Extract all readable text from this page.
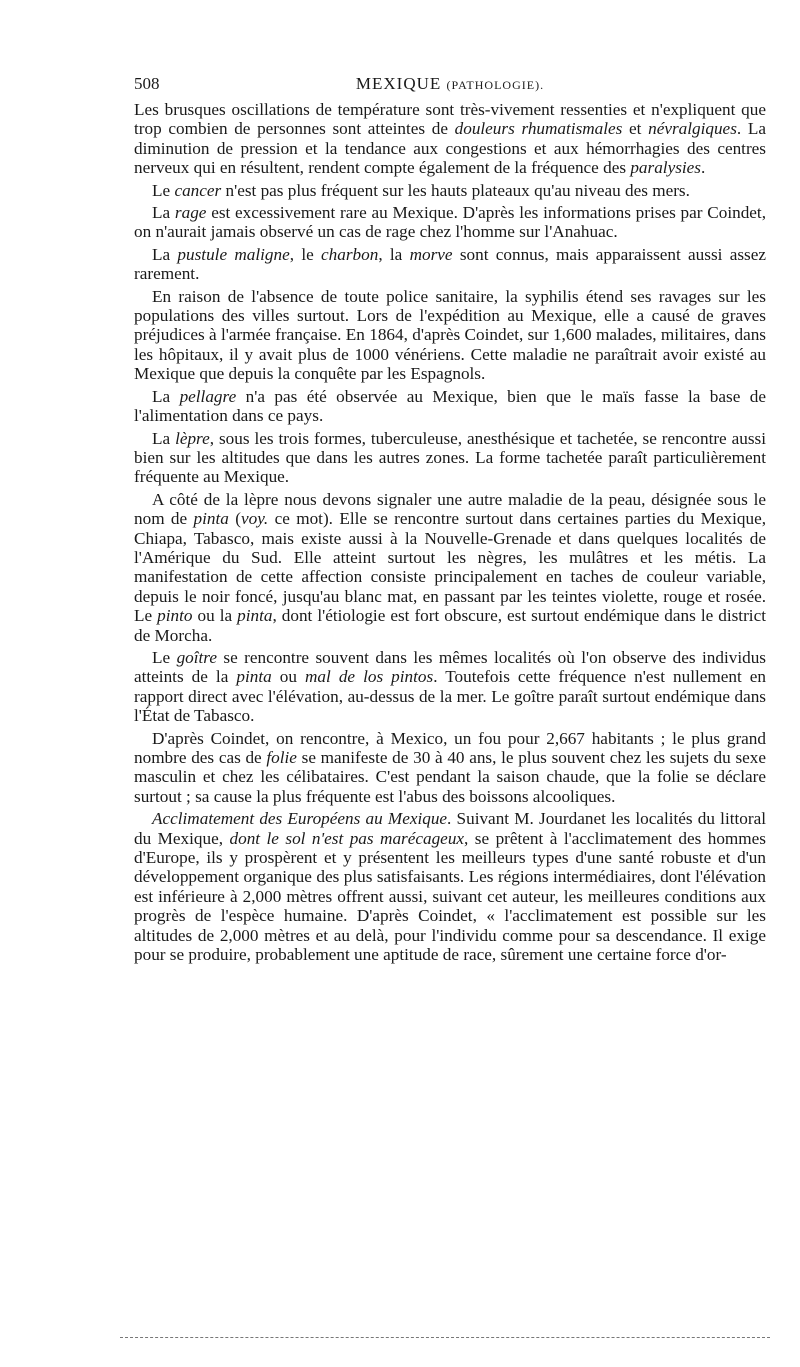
508	MEXIQUE (PATHOLOGIE).

Les brusques oscillations de température sont très-vivement ressenties et n'expliquent que trop combien de personnes sont atteintes de douleurs rhumatismales et névralgiques. La diminution de pression et la tendance aux congestions et aux hémorrhagies des centres nerveux qui en résultent, rendent compte également de la fréquence des paralysies.

Le cancer n'est pas plus fréquent sur les hauts plateaux qu'au niveau des mers.

La rage est excessivement rare au Mexique. D'après les informations prises par Coindet, on n'aurait jamais observé un cas de rage chez l'homme sur l'Anahuac.

La pustule maligne, le charbon, la morve sont connus, mais apparaissent aussi assez rarement.

En raison de l'absence de toute police sanitaire, la syphilis étend ses ravages sur les populations des villes surtout. Lors de l'expédition au Mexique, elle a causé de graves préjudices à l'armée française. En 1864, d'après Coindet, sur 1,600 malades, militaires, dans les hôpitaux, il y avait plus de 1000 vénériens. Cette maladie ne paraîtrait avoir existé au Mexique que depuis la conquête par les Espagnols.

La pellagre n'a pas été observée au Mexique, bien que le maïs fasse la base de l'alimentation dans ce pays.

La lèpre, sous les trois formes, tuberculeuse, anesthésique et tachetée, se rencontre aussi bien sur les altitudes que dans les autres zones. La forme tachetée paraît particulièrement fréquente au Mexique.

A côté de la lèpre nous devons signaler une autre maladie de la peau, désignée sous le nom de pinta (voy. ce mot). Elle se rencontre surtout dans certaines parties du Mexique, Chiapa, Tabasco, mais existe aussi à la Nouvelle-Grenade et dans quelques localités de l'Amérique du Sud. Elle atteint surtout les nègres, les mulâtres et les métis. La manifestation de cette affection consiste principalement en taches de couleur variable, depuis le noir foncé, jusqu'au blanc mat, en passant par les teintes violette, rouge et rosée. Le pinto ou la pinta, dont l'étiologie est fort obscure, est surtout endémique dans le district de Morcha.

Le goître se rencontre souvent dans les mêmes localités où l'on observe des individus atteints de la pinta ou mal de los pintos. Toutefois cette fréquence n'est nullement en rapport direct avec l'élévation, au-dessus de la mer. Le goître paraît surtout endémique dans l'État de Tabasco.

D'après Coindet, on rencontre, à Mexico, un fou pour 2,667 habitants ; le plus grand nombre des cas de folie se manifeste de 30 à 40 ans, le plus souvent chez les sujets du sexe masculin et chez les célibataires. C'est pendant la saison chaude, que la folie se déclare surtout ; sa cause la plus fréquente est l'abus des boissons alcooliques.

Acclimatement des Européens au Mexique. Suivant M. Jourdanet les localités du littoral du Mexique, dont le sol n'est pas marécageux, se prêtent à l'acclimatement des hommes d'Europe, ils y prospèrent et y présentent les meilleurs types d'une santé robuste et d'un développement organique des plus satisfaisants. Les régions intermédiaires, dont l'élévation est inférieure à 2,000 mètres offrent aussi, suivant cet auteur, les meilleures conditions aux progrès de l'espèce humaine. D'après Coindet, « l'acclimatement est possible sur les altitudes de 2,000 mètres et au delà, pour l'individu comme pour sa descendance. Il exige pour se produire, probablement une aptitude de race, sûrement une certaine force d'or-
